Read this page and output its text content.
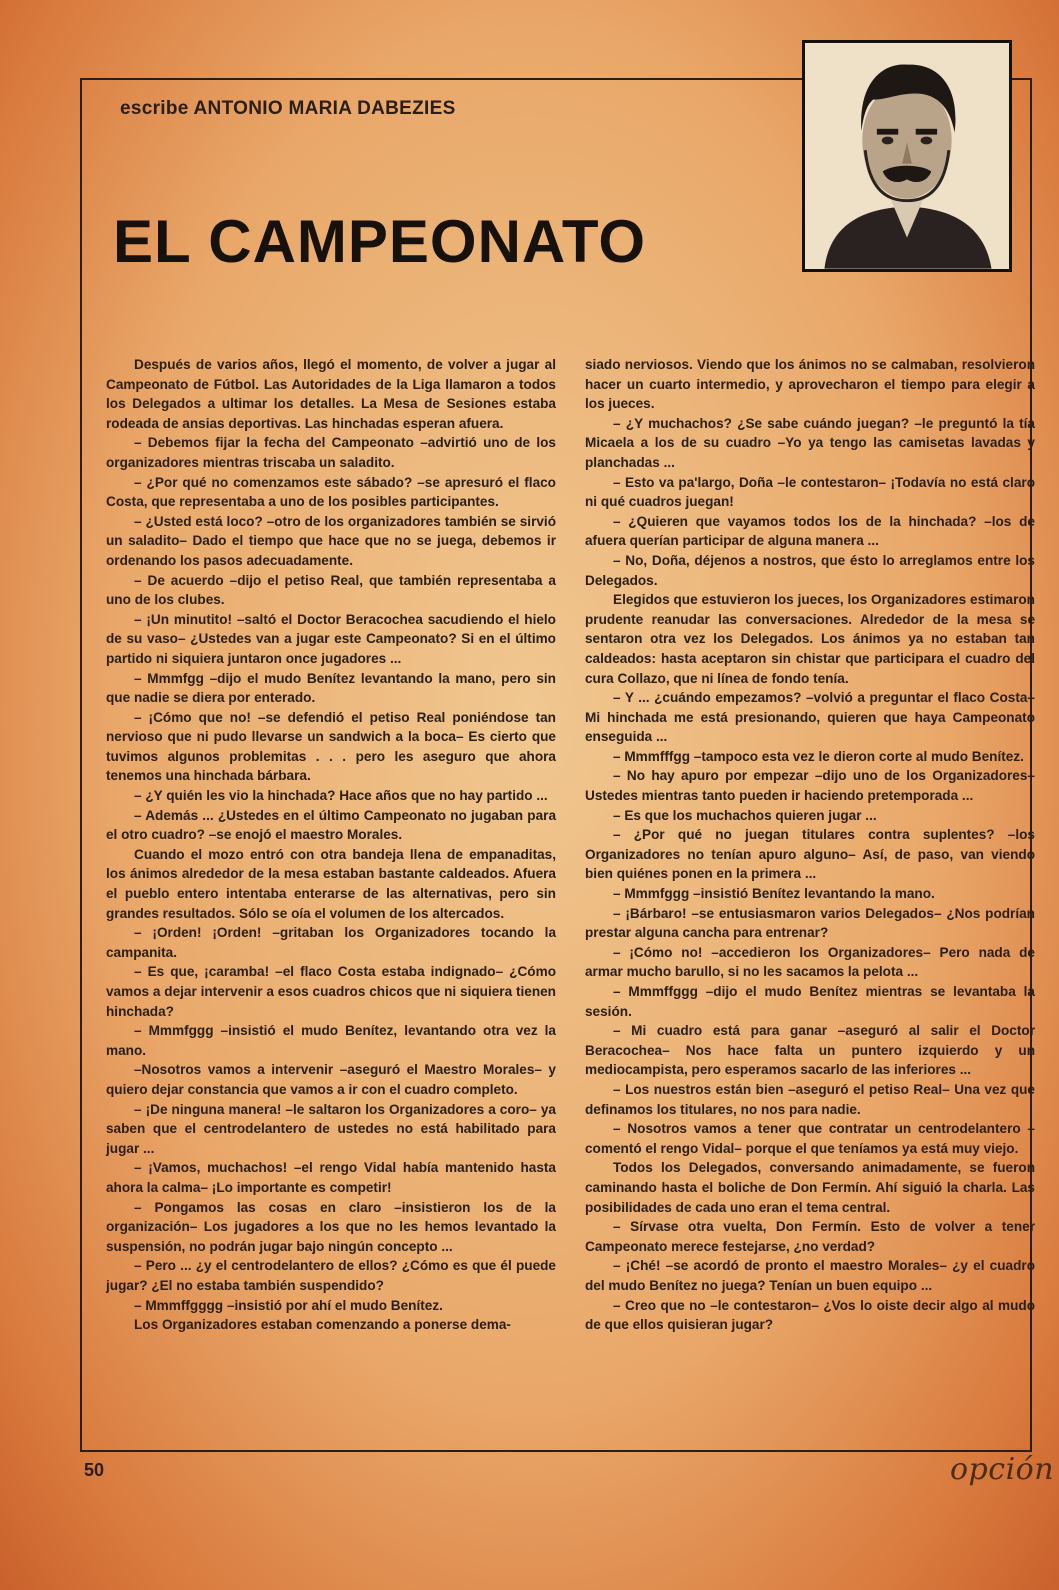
escribe ANTONIO MARIA DABEZIES
EL CAMPEONATO

Después de varios años, llegó el momento, de volver a jugar al Campeonato de Fútbol. Las Autoridades de la Liga llamaron a todos los Delegados a ultimar los detalles. La Mesa de Sesiones estaba rodeada de ansias deportivas. Las hinchadas esperan afuera.

– Debemos fijar la fecha del Campeonato –advirtió uno de los organizadores mientras triscaba un saladito.

– ¿Por qué no comenzamos este sábado? –se apresuró el flaco Costa, que representaba a uno de los posibles participantes.

– ¿Usted está loco? –otro de los organizadores también se sirvió un saladito– Dado el tiempo que hace que no se juega, debemos ir ordenando los pasos adecuadamente.

– De acuerdo –dijo el petiso Real, que también representaba a uno de los clubes.

– ¡Un minutito! –saltó el Doctor Beracochea sacudiendo el hielo de su vaso– ¿Ustedes van a jugar este Campeonato? Si en el último partido ni siquiera juntaron once jugadores ...

– Mmmfgg –dijo el mudo Benítez levantando la mano, pero sin que nadie se diera por enterado.

– ¡Cómo que no! –se defendió el petiso Real poniéndose tan nervioso que ni pudo llevarse un sandwich a la boca– Es cierto que tuvimos algunos problemitas . . . pero les aseguro que ahora tenemos una hinchada bárbara.

– ¿Y quién les vio la hinchada? Hace años que no hay partido ...

– Además ... ¿Ustedes en el último Campeonato no jugaban para el otro cuadro? –se enojó el maestro Morales.

Cuando el mozo entró con otra bandeja llena de empanaditas, los ánimos alrededor de la mesa estaban bastante caldeados. Afuera el pueblo entero intentaba enterarse de las alternativas, pero sin grandes resultados. Sólo se oía el volumen de los altercados.

– ¡Orden! ¡Orden! –gritaban los Organizadores tocando la campanita.

– Es que, ¡caramba! –el flaco Costa estaba indignado– ¿Cómo vamos a dejar intervenir a esos cuadros chicos que ni siquiera tienen hinchada?

– Mmmfggg –insistió el mudo Benítez, levantando otra vez la mano.

–Nosotros vamos a intervenir –aseguró el Maestro Morales– y quiero dejar constancia que vamos a ir con el cuadro completo.

– ¡De ninguna manera! –le saltaron los Organizadores a coro– ya saben que el centrodelantero de ustedes no está habilitado para jugar ...

– ¡Vamos, muchachos! –el rengo Vidal había mantenido hasta ahora la calma– ¡Lo importante es competir!

– Pongamos las cosas en claro –insistieron los de la organización– Los jugadores a los que no les hemos levantado la suspensión, no podrán jugar bajo ningún concepto ...

– Pero ... ¿y el centrodelantero de ellos? ¿Cómo es que él puede jugar? ¿El no estaba también suspendido?

– Mmmffgggg –insistió por ahí el mudo Benítez.

Los Organizadores estaban comenzando a ponerse dema-

siado nerviosos. Viendo que los ánimos no se calmaban, resolvieron hacer un cuarto intermedio, y aprovecharon el tiempo para elegir a los jueces.

– ¿Y muchachos? ¿Se sabe cuándo juegan? –le preguntó la tía Micaela a los de su cuadro –Yo ya tengo las camisetas lavadas y planchadas ...

– Esto va pa'largo, Doña –le contestaron– ¡Todavía no está claro ni qué cuadros juegan!

– ¿Quieren que vayamos todos los de la hinchada? –los de afuera querían participar de alguna manera ...

– No, Doña, déjenos a nostros, que ésto lo arreglamos entre los Delegados.

Elegidos que estuvieron los jueces, los Organizadores estimaron prudente reanudar las conversaciones. Alrededor de la mesa se sentaron otra vez los Delegados. Los ánimos ya no estaban tan caldeados: hasta aceptaron sin chistar que participara el cuadro del cura Collazo, que ni línea de fondo tenía.

– Y ... ¿cuándo empezamos? –volvió a preguntar el flaco Costa– Mi hinchada me está presionando, quieren que haya Campeonato enseguida ...

– Mmmfffgg –tampoco esta vez le dieron corte al mudo Benítez.

– No hay apuro por empezar –dijo uno de los Organizadores– Ustedes mientras tanto pueden ir haciendo pretemporada ...

– Es que los muchachos quieren jugar ...

– ¿Por qué no juegan titulares contra suplentes? –los Organizadores no tenían apuro alguno– Así, de paso, van viendo bien quiénes ponen en la primera ...

– Mmmfggg –insistió Benítez levantando la mano.

– ¡Bárbaro! –se entusiasmaron varios Delegados– ¿Nos podrían prestar alguna cancha para entrenar?

– ¡Cómo no! –accedieron los Organizadores– Pero nada de armar mucho barullo, si no les sacamos la pelota ...

– Mmmffggg –dijo el mudo Benítez mientras se levantaba la sesión.

– Mi cuadro está para ganar –aseguró al salir el Doctor Beracochea– Nos hace falta un puntero izquierdo y un mediocampista, pero esperamos sacarlo de las inferiores ...

– Los nuestros están bien –aseguró el petiso Real– Una vez que definamos los titulares, no nos para nadie.

– Nosotros vamos a tener que contratar un centrodelantero –comentó el rengo Vidal– porque el que teníamos ya está muy viejo.

Todos los Delegados, conversando animadamente, se fueron caminando hasta el boliche de Don Fermín. Ahí siguió la charla. Las posibilidades de cada uno eran el tema central.

– Sírvase otra vuelta, Don Fermín. Esto de volver a tener Campeonato merece festejarse, ¿no verdad?

– ¡Ché! –se acordó de pronto el maestro Morales– ¿y el cuadro del mudo Benítez no juega? Tenían un buen equipo ...

– Creo que no –le contestaron– ¿Vos lo oiste decir algo al mudo de que ellos quisieran jugar?

50	opción
